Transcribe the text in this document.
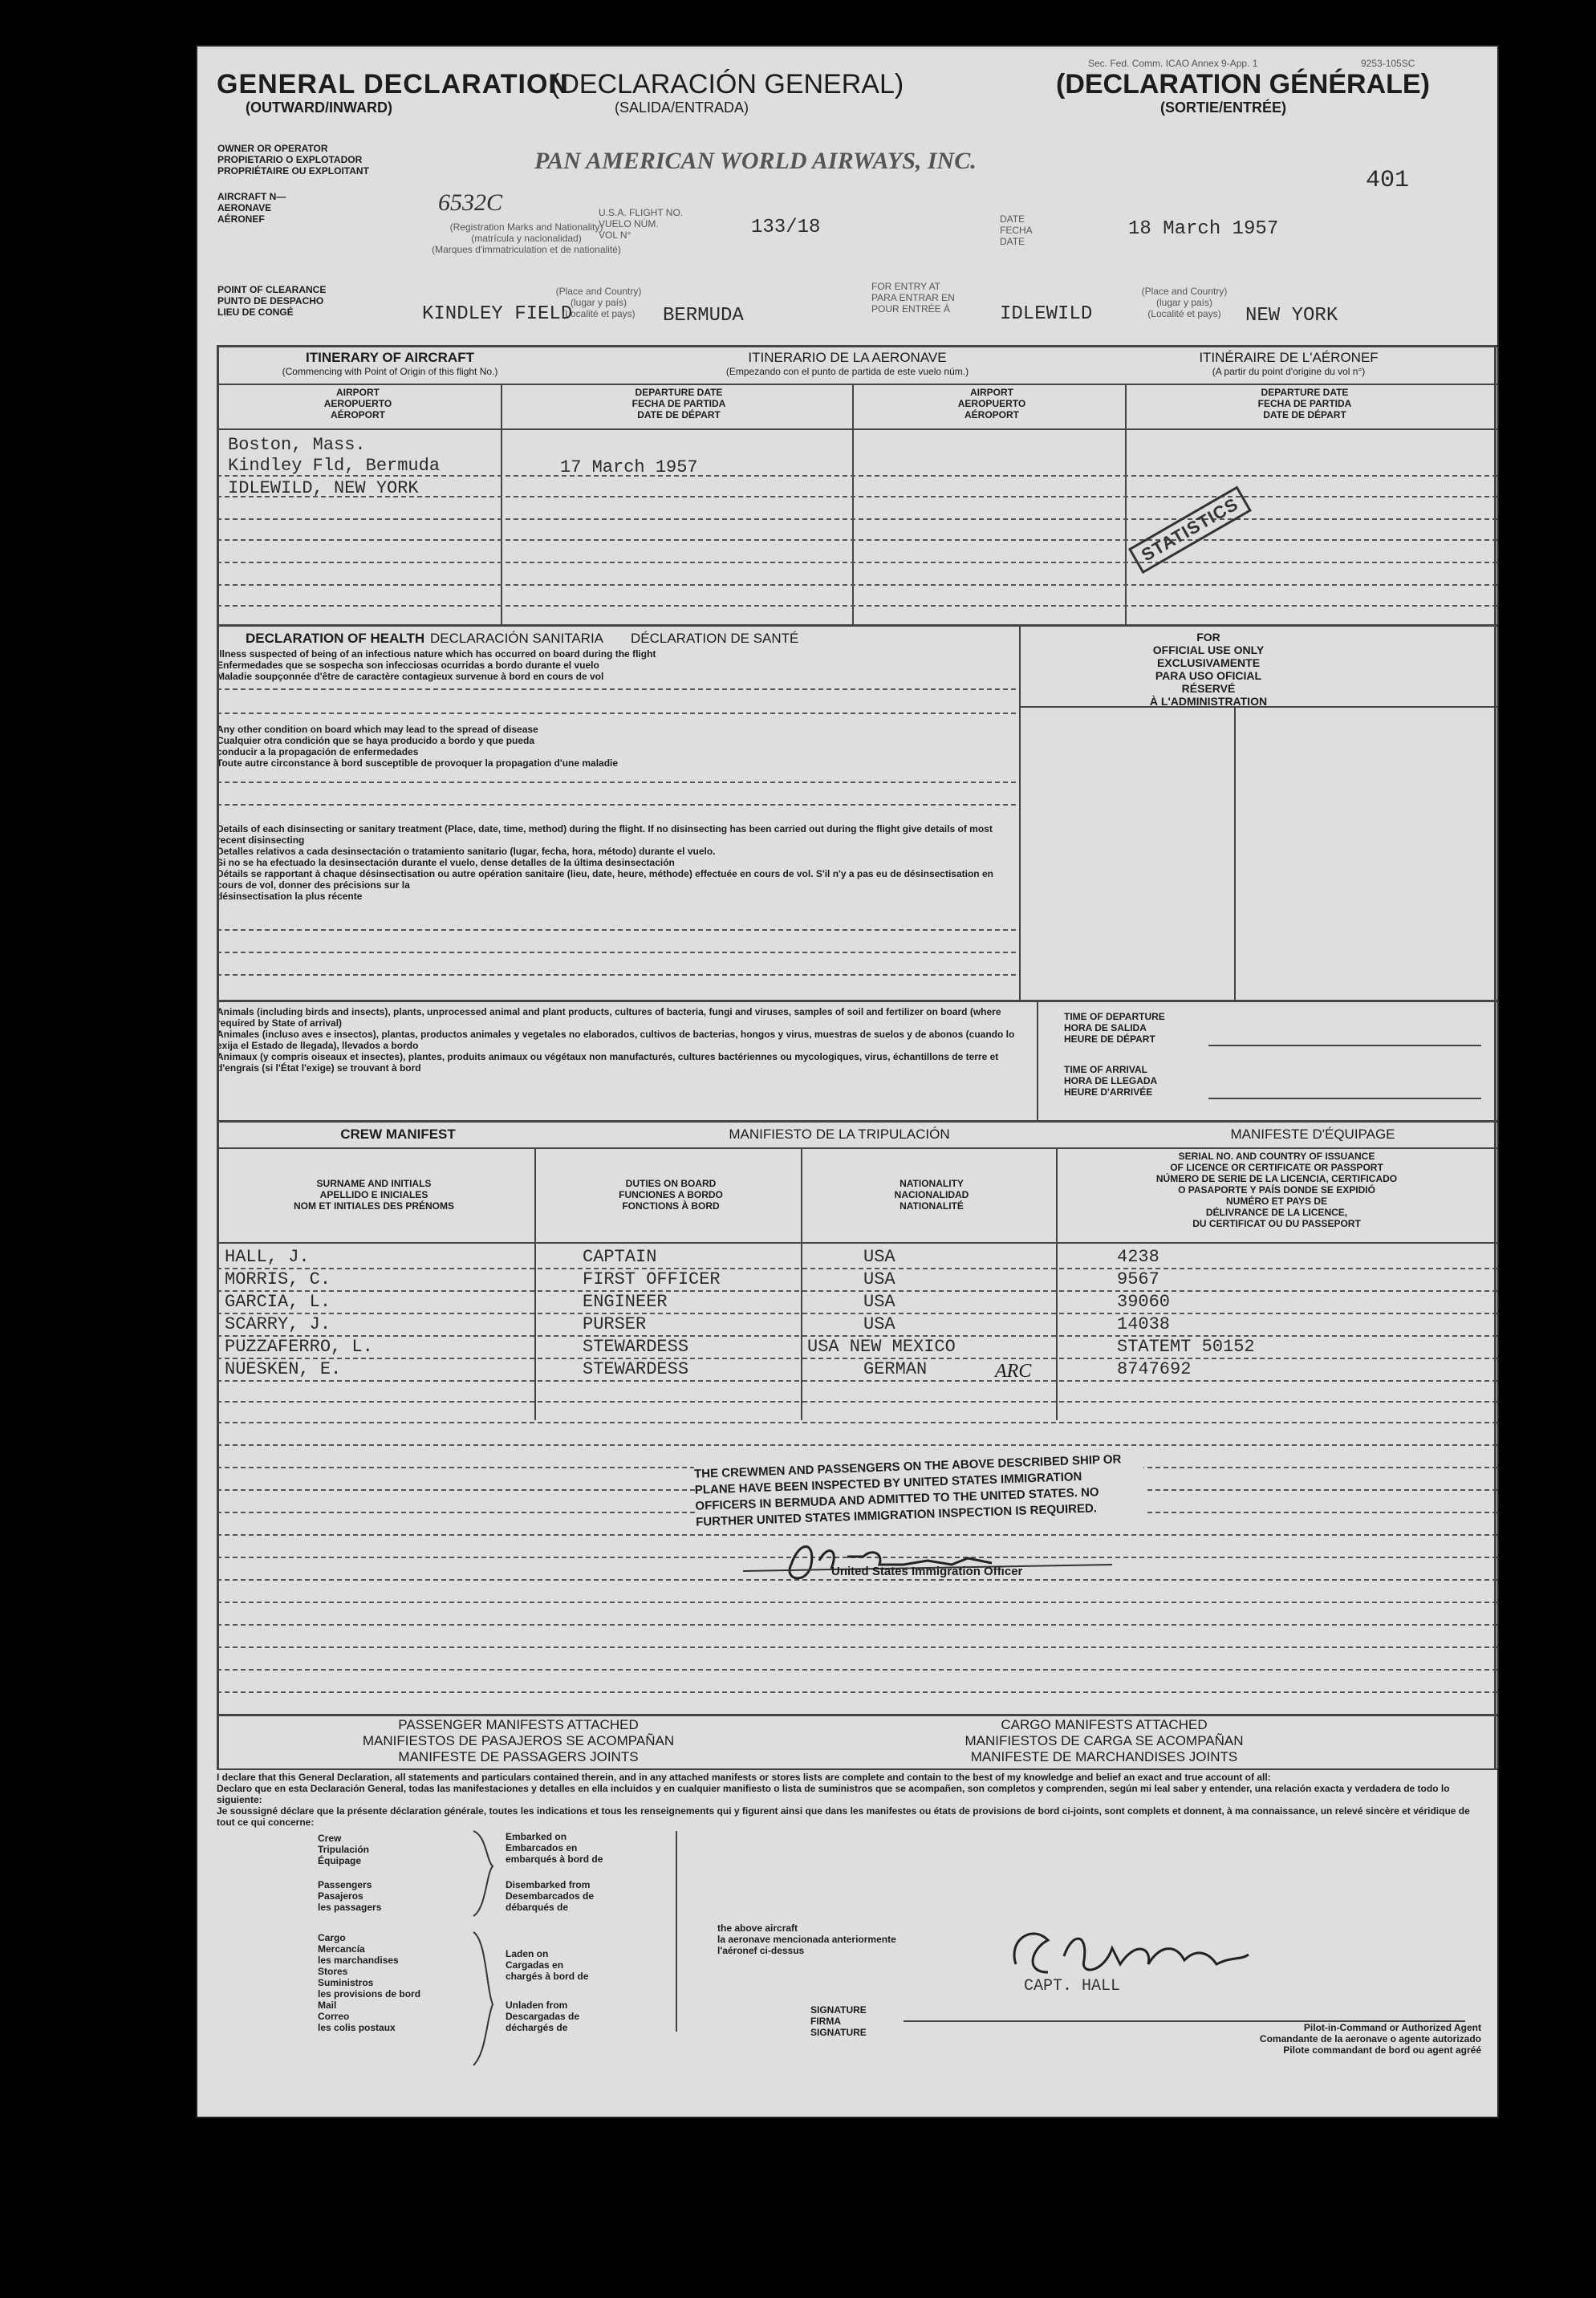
Sec. Fed. Comm. ICAO Annex 9-App. 1	9253-105SC
GENERAL DECLARATION
(OUTWARD/INWARD)
(DECLARACIÓN GENERAL)
(SALIDA/ENTRADA)
(DECLARATION GÉNÉRALE)
(SORTIE/ENTRÉE)
401
OWNER OR OPERATOR
PROPIETARIO O EXPLOTADOR
PROPRIÉTAIRE OU EXPLOITANT	PAN AMERICAN WORLD AIRWAYS, INC.
AIRCRAFT N—
AERONAVE
AÉRONEF
6532C
(Registration Marks and Nationality)
(matrícula y nacionalidad)
(Marques d'immatriculation et de nationalité)
U.S.A. FLIGHT NO.
VUELO NÚM.
VOL N°	133/18	DATE
FECHA
DATE
18 March 1957
POINT OF CLEARANCE
PUNTO DE DESPACHO
LIEU DE CONGÉ	KINDLEY FIELD
(Place and Country)
(lugar y país)
(Localité et pays)	BERMUDA
FOR ENTRY AT
PARA ENTRAR EN
POUR ENTRÉE À	IDLEWILD
(Place and Country)
(lugar y país)
(Localité et pays)	NEW YORK
ITINERARY OF AIRCRAFT
(Commencing with Point of Origin of this flight No.)
ITINERARIO DE LA AERONAVE
(Empezando con el punto de partida de este vuelo núm.)
ITINÉRAIRE DE L'AÉRONEF
(A partir du point d'origine du vol n°)
AIRPORT
AEROPUERTO
AÉROPORT
DEPARTURE DATE
FECHA DE PARTIDA
DATE DE DÉPART
AIRPORT
AEROPUERTO
AÉROPORT
DEPARTURE DATE
FECHA DE PARTIDA
DATE DE DÉPART
Boston, Mass.
Kindley Fld, Bermuda	17 March 1957
IDLEWILD, NEW YORK
STATISTICS
DECLARATION OF HEALTH DECLARACIÓN SANITARIA DÉCLARATION DE SANTÉ
Illness suspected of being of an infectious nature which has occurred on board during the flight
Enfermedades que se sospecha son infecciosas ocurridas a bordo durante el vuelo
Maladie soupçonnée d'être de caractère contagieux survenue à bord en cours de vol
Any other condition on board which may lead to the spread of disease
Cualquier otra condición que se haya producido a bordo y que pueda
conducir a la propagación de enfermedades
Toute autre circonstance à bord susceptible de provoquer la propagation d'une maladie
Details of each disinsecting or sanitary treatment (Place, date, time, method) during the flight. If no disinsecting has been carried out during the flight give details of most recent disinsecting
Detalles relativos a cada desinsectación o tratamiento sanitario (lugar, fecha, hora, método) durante el vuelo.
Si no se ha efectuado la desinsectación durante el vuelo, dense detalles de la última desinsectación
Détails se rapportant à chaque désinsectisation ou autre opération sanitaire (lieu, date, heure, méthode) effectuée en cours de vol. S'il n'y a pas eu de désinsectisation en cours de vol, donner des précisions sur la
désinsectisation la plus récente
FOR
OFFICIAL USE ONLY
EXCLUSIVAMENTE
PARA USO OFICIAL
RÉSERVÉ
À L'ADMINISTRATION
Animals (including birds and insects), plants, unprocessed animal and plant products, cultures of bacteria, fungi and viruses, samples of soil and fertilizer on board (where required by State of arrival)
Animales (incluso aves e insectos), plantas, productos animales y vegetales no elaborados, cultivos de bacterias, hongos y virus, muestras de suelos y de abonos (cuando lo exija el Estado de llegada), llevados a bordo
Animaux (y compris oiseaux et insectes), plantes, produits animaux ou végétaux non manufacturés, cultures bactériennes ou mycologiques, virus, échantillons de terre et d'engrais (si l'État l'exige) se trouvant à bord
TIME OF DEPARTURE
HORA DE SALIDA
HEURE DE DÉPART
TIME OF ARRIVAL
HORA DE LLEGADA
HEURE D'ARRIVÉE
CREW MANIFEST	MANIFIESTO DE LA TRIPULACIÓN	MANIFESTE D'ÉQUIPAGE
SURNAME AND INITIALS
APELLIDO E INICIALES
NOM ET INITIALES DES PRÉNOMS
DUTIES ON BOARD
FUNCIONES A BORDO
FONCTIONS À BORD
NATIONALITY
NACIONALIDAD
NATIONALITÉ
SERIAL NO. AND COUNTRY OF ISSUANCE
OF LICENCE OR CERTIFICATE OR PASSPORT
NÚMERO DE SERIE DE LA LICENCIA, CERTIFICADO
O PASAPORTE Y PAÍS DONDE SE EXPIDIÓ
NUMÉRO ET PAYS DE
DÉLIVRANCE DE LA LICENCE,
DU CERTIFICAT OU DU PASSEPORT
HALL, J.	CAPTAIN	USA	4238
MORRIS, C.	FIRST OFFICER	USA	9567
GARCIA, L.	ENGINEER	USA	39060
SCARRY, J.	PURSER	USA	14038
PUZZAFERRO, L.	STEWARDESS	USA NEW MEXICO	STATEMT 50152
NUESKEN, E.	STEWARDESS	GERMAN	ARC	8747692
THE CREWMEN AND PASSENGERS ON THE ABOVE DESCRIBED SHIP OR
PLANE HAVE BEEN INSPECTED BY UNITED STATES IMMIGRATION
OFFICERS IN BERMUDA AND ADMITTED TO THE UNITED STATES. NO
FURTHER UNITED STATES IMMIGRATION INSPECTION IS REQUIRED.
United States Immigration Officer
PASSENGER MANIFESTS ATTACHED
MANIFIESTOS DE PASAJEROS SE ACOMPAÑAN
MANIFESTE DE PASSAGERS JOINTS
CARGO MANIFESTS ATTACHED
MANIFIESTOS DE CARGA SE ACOMPAÑAN
MANIFESTE DE MARCHANDISES JOINTS
I declare that this General Declaration, all statements and particulars contained therein, and in any attached manifests or stores lists are complete and contain to the best of my knowledge and belief an exact and true account of all:
Declaro que en esta Declaración General, todas las manifestaciones y detalles en ella incluidos y en cualquier manifiesto o lista de suministros que se acompañen, son completos y comprenden, según mi leal saber y entender, una relación exacta y verdadera de todo lo siguiente:
Je soussigné déclare que la présente déclaration générale, toutes les indications et tous les renseignements qui y figurent ainsi que dans les manifestes ou états de provisions de bord ci-joints, sont complets et donnent, à ma connaissance, un relevé sincère et véridique de tout ce qui concerne:
Crew
Tripulación
Équipage
Passengers
Pasajeros
les passagers
Cargo
Mercancía
les marchandises
Stores
Suministros
les provisions de bord
Mail
Correo
les colis postaux
Embarked on
Embarcados en
embarqués à bord de
Disembarked from
Desembarcados de
débarqués de
Laden on
Cargadas en
chargés à bord de
Unladen from
Descargadas de
déchargés de
the above aircraft
la aeronave mencionada anteriormente
l'aéronef ci-dessus
CAPT. HALL
SIGNATURE
FIRMA
SIGNATURE	Pilot-in-Command or Authorized Agent
Comandante de la aeronave o agente autorizado
Pilote commandant de bord ou agent agréé
